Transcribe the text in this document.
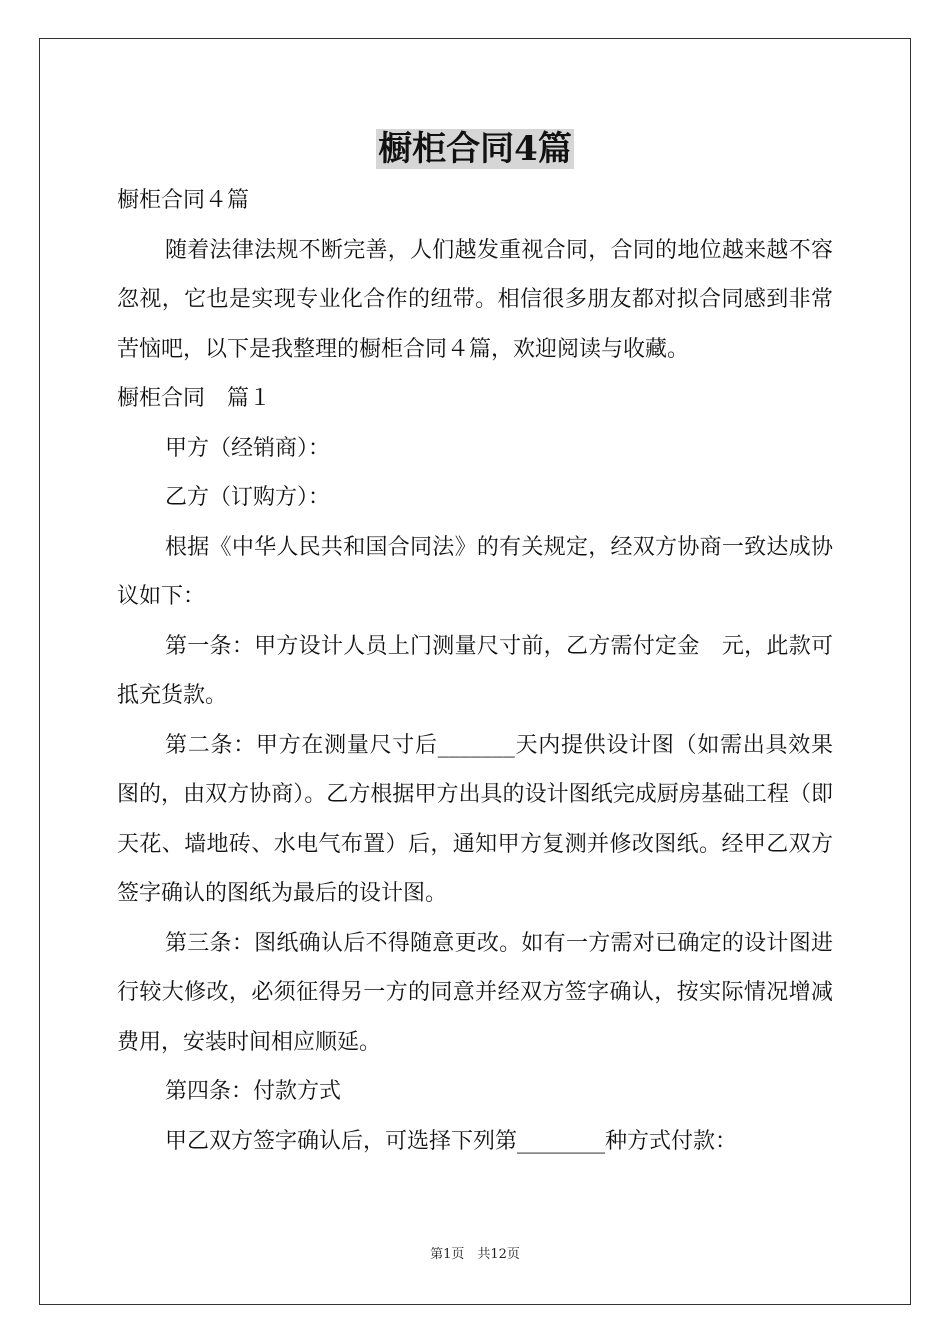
橱柜合同4篇

橱柜合同４篇

随着法律法规不断完善，人们越发重视合同，合同的地位越来越不容忽视，它也是实现专业化合作的纽带。相信很多朋友都对拟合同感到非常苦恼吧，以下是我整理的橱柜合同４篇，欢迎阅读与收藏。

橱柜合同　篇１

甲方（经销商）：

乙方（订购方）：

根据《中华人民共和国合同法》的有关规定，经双方协商一致达成协议如下：

第一条：甲方设计人员上门测量尺寸前，乙方需付定金　元，此款可抵充货款。

第二条：甲方在测量尺寸后_______天内提供设计图（如需出具效果图的，由双方协商）。乙方根据甲方出具的设计图纸完成厨房基础工程（即天花、墙地砖、水电气布置）后，通知甲方复测并修改图纸。经甲乙双方签字确认的图纸为最后的设计图。

第三条：图纸确认后不得随意更改。如有一方需对已确定的设计图进行较大修改，必须征得另一方的同意并经双方签字确认，按实际情况增减费用，安装时间相应顺延。

第四条：付款方式

甲乙双方签字确认后，可选择下列第________种方式付款：

第1页　共12页
